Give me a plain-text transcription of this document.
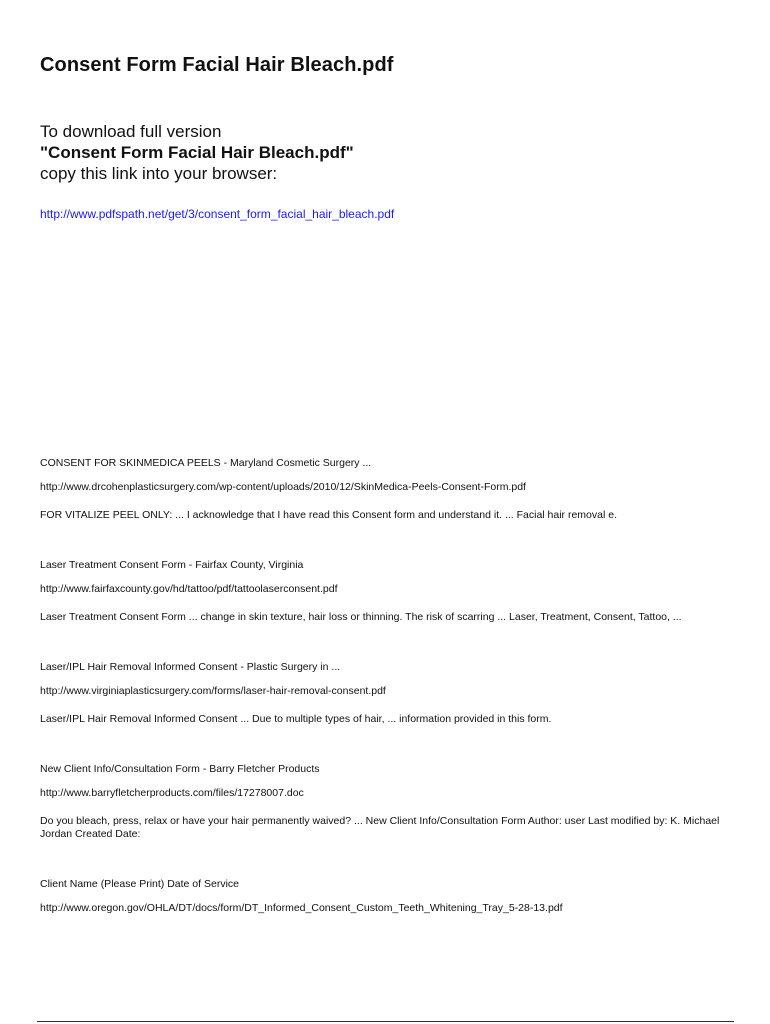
Consent Form Facial Hair Bleach.pdf
To download full version
"Consent Form Facial Hair Bleach.pdf"
copy this link into your browser:
http://www.pdfspath.net/get/3/consent_form_facial_hair_bleach.pdf
CONSENT FOR SKINMEDICA PEELS - Maryland Cosmetic Surgery ...
http://www.drcohenplasticsurgery.com/wp-content/uploads/2010/12/SkinMedica-Peels-Consent-Form.pdf
FOR VITALIZE PEEL ONLY: ... I acknowledge that I have read this Consent form and understand it. ... Facial hair removal e.
Laser Treatment Consent Form - Fairfax County, Virginia
http://www.fairfaxcounty.gov/hd/tattoo/pdf/tattoolaserconsent.pdf
Laser Treatment Consent Form ... change in skin texture, hair loss or thinning. The risk of scarring ... Laser, Treatment, Consent, Tattoo, ...
Laser/IPL Hair Removal Informed Consent - Plastic Surgery in ...
http://www.virginiaplasticsurgery.com/forms/laser-hair-removal-consent.pdf
Laser/IPL Hair Removal Informed Consent ... Due to multiple types of hair, ... information provided in this form.
New Client Info/Consultation Form - Barry Fletcher Products
http://www.barryfletcherproducts.com/files/17278007.doc
Do you bleach, press, relax or have your hair permanently waived? ... New Client Info/Consultation Form Author: user Last modified by: K. Michael Jordan Created Date:
Client Name (Please Print) Date of Service
http://www.oregon.gov/OHLA/DT/docs/form/DT_Informed_Consent_Custom_Teeth_Whitening_Tray_5-28-13.pdf
